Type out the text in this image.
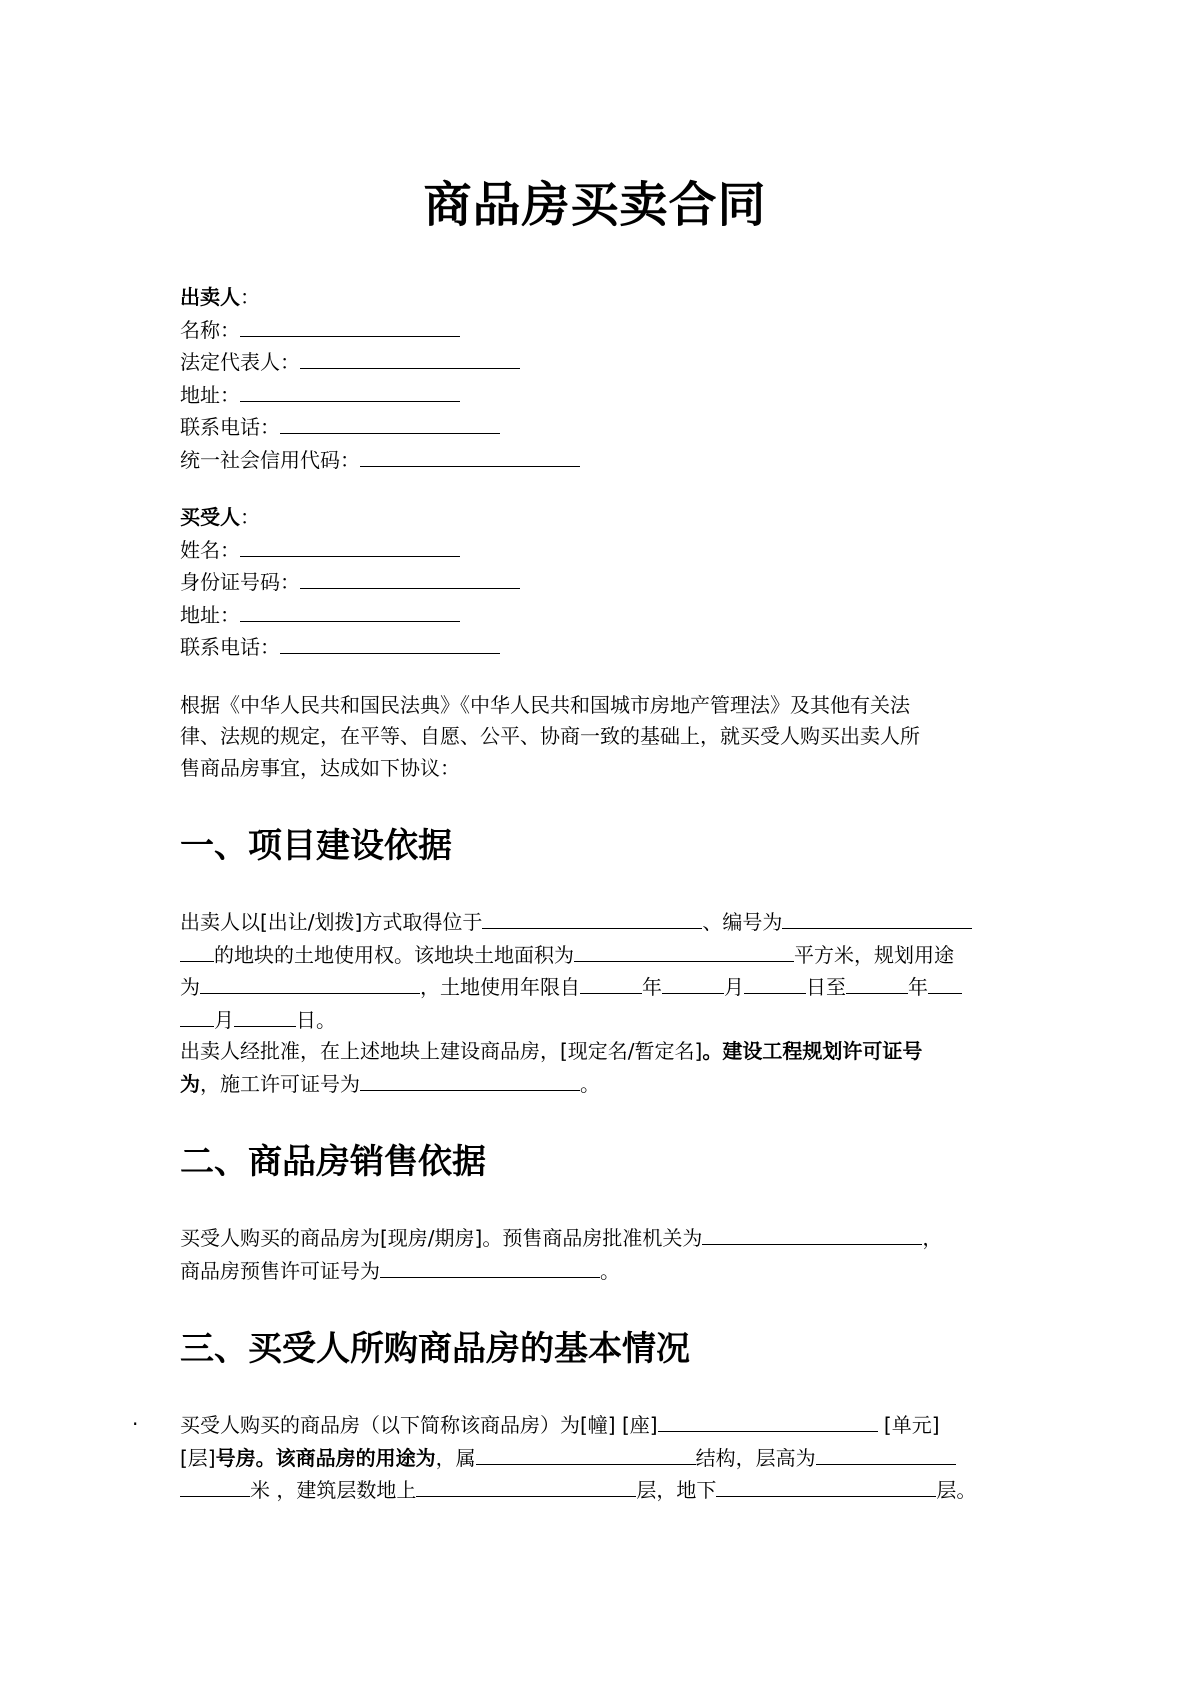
商品房买卖合同

出卖人：

名称：

法定代表人：

地址：

联系电话：

统一社会信用代码：

买受人：

姓名：

身份证号码：

地址：

联系电话：

根据《中华人民共和国民法典》《中华人民共和国城市房地产管理法》及其他有关法

律、法规的规定，在平等、自愿、公平、协商一致的基础上，就买受人购买出卖人所

售商品房事宜，达成如下协议：

一、项目建设依据

出卖人以[出让/划拨]方式取得位于	、编号为

的地块的土地使用权。该地块土地面积为	平方米，规划用途

为	，土地使用年限自	年	月	日至	年

月	日。

出卖人经批准，在上述地块上建设商品房，[现定名/暂定名]。建设工程规划许可证号

为，施工许可证号为	。

二、商品房销售依据

买受人购买的商品房为[现房/期房]。预售商品房批准机关为	，

商品房预售许可证号为	。

三、买受人所购商品房的基本情况

· 买受人购买的商品房（以下简称该商品房）为[幢] [座]	[单元]

[层]号房。该商品房的用途为，属	结构，层高为

米 ，建筑层数地上	层，地下	层。
